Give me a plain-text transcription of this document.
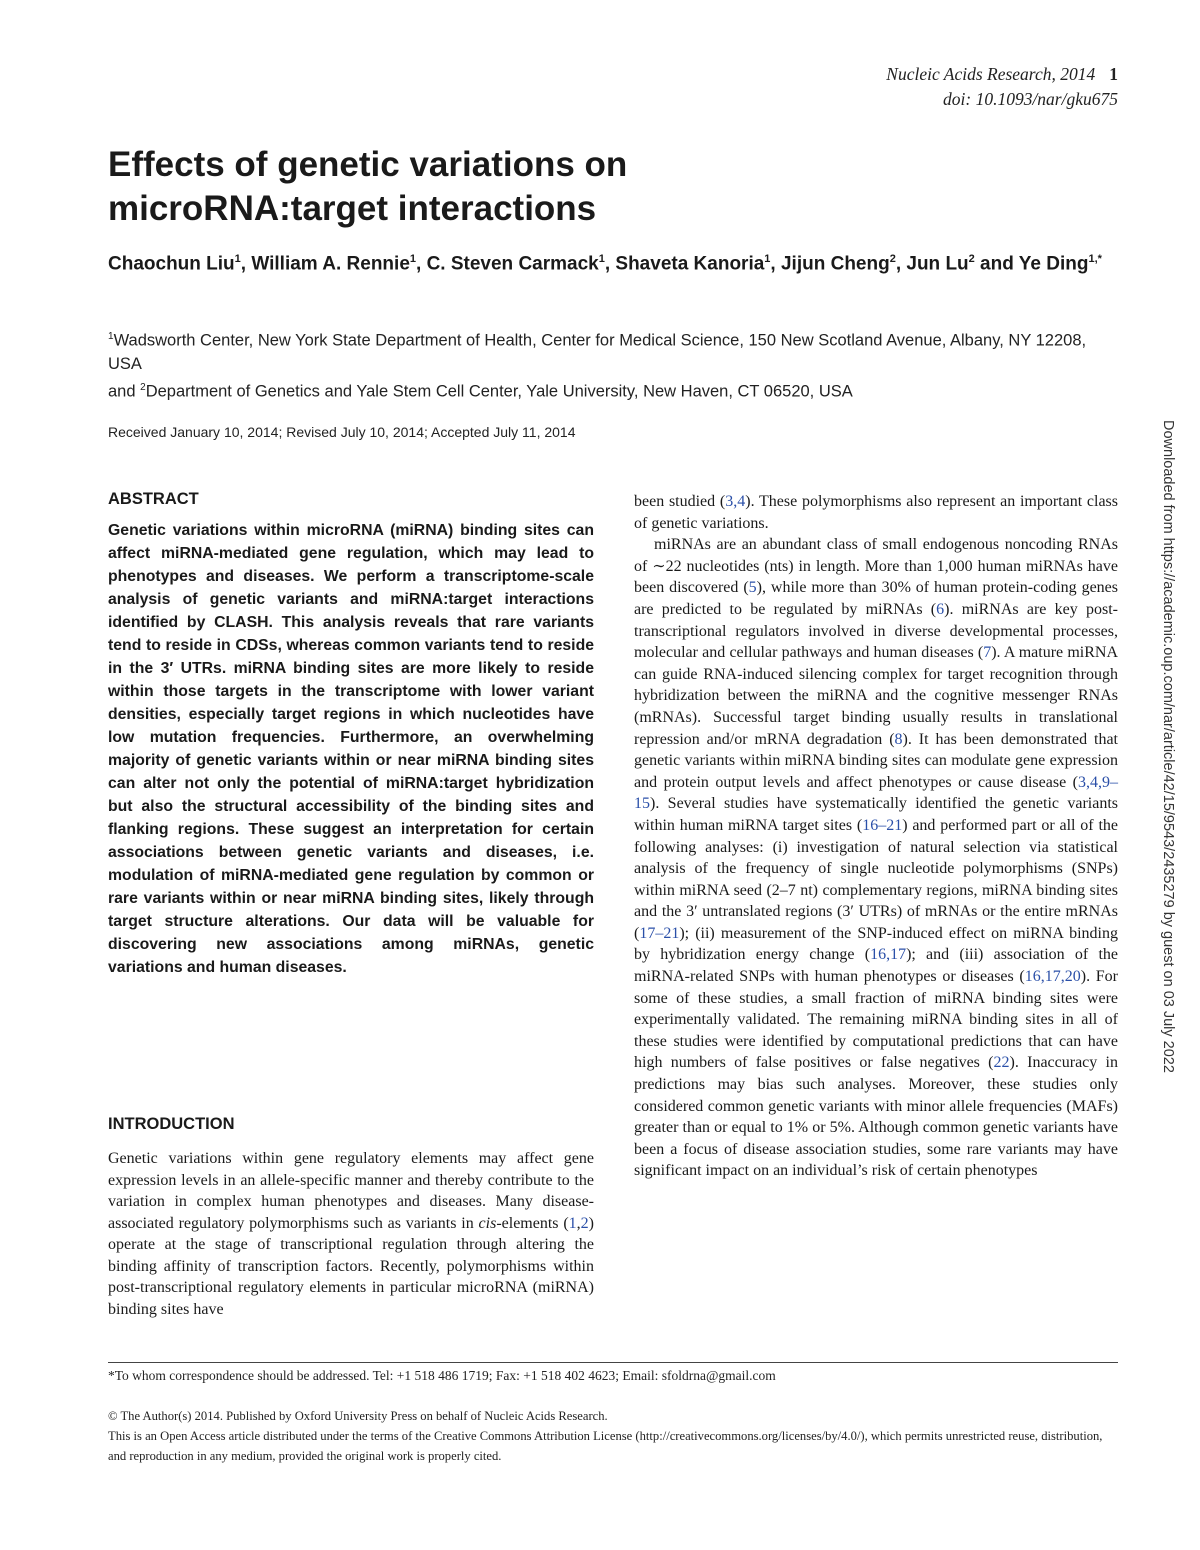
Nucleic Acids Research, 2014 1
doi: 10.1093/nar/gku675
Effects of genetic variations on microRNA:target interactions
Chaochun Liu$^1$, William A. Rennie$^1$, C. Steven Carmack$^1$, Shaveta Kanoria$^1$, Jijun Cheng$^2$, Jun Lu$^2$ and Ye Ding$^{1,*}$
$^1$Wadsworth Center, New York State Department of Health, Center for Medical Science, 150 New Scotland Avenue, Albany, NY 12208, USA
and $^2$Department of Genetics and Yale Stem Cell Center, Yale University, New Haven, CT 06520, USA
Received January 10, 2014; Revised July 10, 2014; Accepted July 11, 2014	Downloaded from https://academic.oup.com/nar/article/42/15/9543/2435279 by guest on 03 July 2022
ABSTRACT

Genetic variations within microRNA (miRNA) binding sites can affect miRNA-mediated gene regulation, which may lead to phenotypes and diseases. We perform a transcriptome-scale analysis of genetic variants and miRNA:target interactions identified by CLASH. This analysis reveals that rare variants tend to reside in CDSs, whereas common variants tend to reside in the 3′ UTRs. miRNA binding sites are more likely to reside within those targets in the transcriptome with lower variant densities, especially target regions in which nucleotides have low mutation frequencies. Furthermore, an overwhelming majority of genetic variants within or near miRNA binding sites can alter not only the potential of miRNA:target hybridization but also the structural accessibility of the binding sites and flanking regions. These suggest an interpretation for certain associations between genetic variants and diseases, i.e. modulation of miRNA-mediated gene regulation by common or rare variants within or near miRNA binding sites, likely through target structure alterations. Our data will be valuable for discovering new associations among miRNAs, genetic variations and human diseases.

INTRODUCTION

Genetic variations within gene regulatory elements may affect gene expression levels in an allele-specific manner and thereby contribute to the variation in complex human phenotypes and diseases. Many disease-associated regulatory polymorphisms such as variants in cis-elements (1,2) operate at the stage of transcriptional regulation through altering the binding affinity of transcription factors. Recently, polymorphisms within post-transcriptional regulatory elements in particular microRNA (miRNA) binding sites have

been studied (3,4). These polymorphisms also represent an important class of genetic variations.

miRNAs are an abundant class of small endogenous noncoding RNAs of ∼22 nucleotides (nts) in length. More than 1,000 human miRNAs have been discovered (5), while more than 30% of human protein-coding genes are predicted to be regulated by miRNAs (6). miRNAs are key post-transcriptional regulators involved in diverse developmental processes, molecular and cellular pathways and human diseases (7). A mature miRNA can guide RNA-induced silencing complex for target recognition through hybridization between the miRNA and the cognitive messenger RNAs (mRNAs). Successful target binding usually results in translational repression and/or mRNA degradation (8). It has been demonstrated that genetic variants within miRNA binding sites can modulate gene expression and protein output levels and affect phenotypes or cause disease (3,4,9–15). Several studies have systematically identified the genetic variants within human miRNA target sites (16–21) and performed part or all of the following analyses: (i) investigation of natural selection via statistical analysis of the frequency of single nucleotide polymorphisms (SNPs) within miRNA seed (2–7 nt) complementary regions, miRNA binding sites and the 3′ untranslated regions (3′ UTRs) of mRNAs or the entire mRNAs (17–21); (ii) measurement of the SNP-induced effect on miRNA binding by hybridization energy change (16,17); and (iii) association of the miRNA-related SNPs with human phenotypes or diseases (16,17,20). For some of these studies, a small fraction of miRNA binding sites were experimentally validated. The remaining miRNA binding sites in all of these studies were identified by computational predictions that can have high numbers of false positives or false negatives (22). Inaccuracy in predictions may bias such analyses. Moreover, these studies only considered common genetic variants with minor allele frequencies (MAFs) greater than or equal to 1% or 5%. Although common genetic variants have been a focus of disease association studies, some rare variants may have significant impact on an individual’s risk of certain phenotypes

*To whom correspondence should be addressed. Tel: +1 518 486 1719; Fax: +1 518 402 4623; Email: sfoldrna@gmail.com

© The Author(s) 2014. Published by Oxford University Press on behalf of Nucleic Acids Research.

This is an Open Access article distributed under the terms of the Creative Commons Attribution License (http://creativecommons.org/licenses/by/4.0/), which permits unrestricted reuse, distribution, and reproduction in any medium, provided the original work is properly cited.
